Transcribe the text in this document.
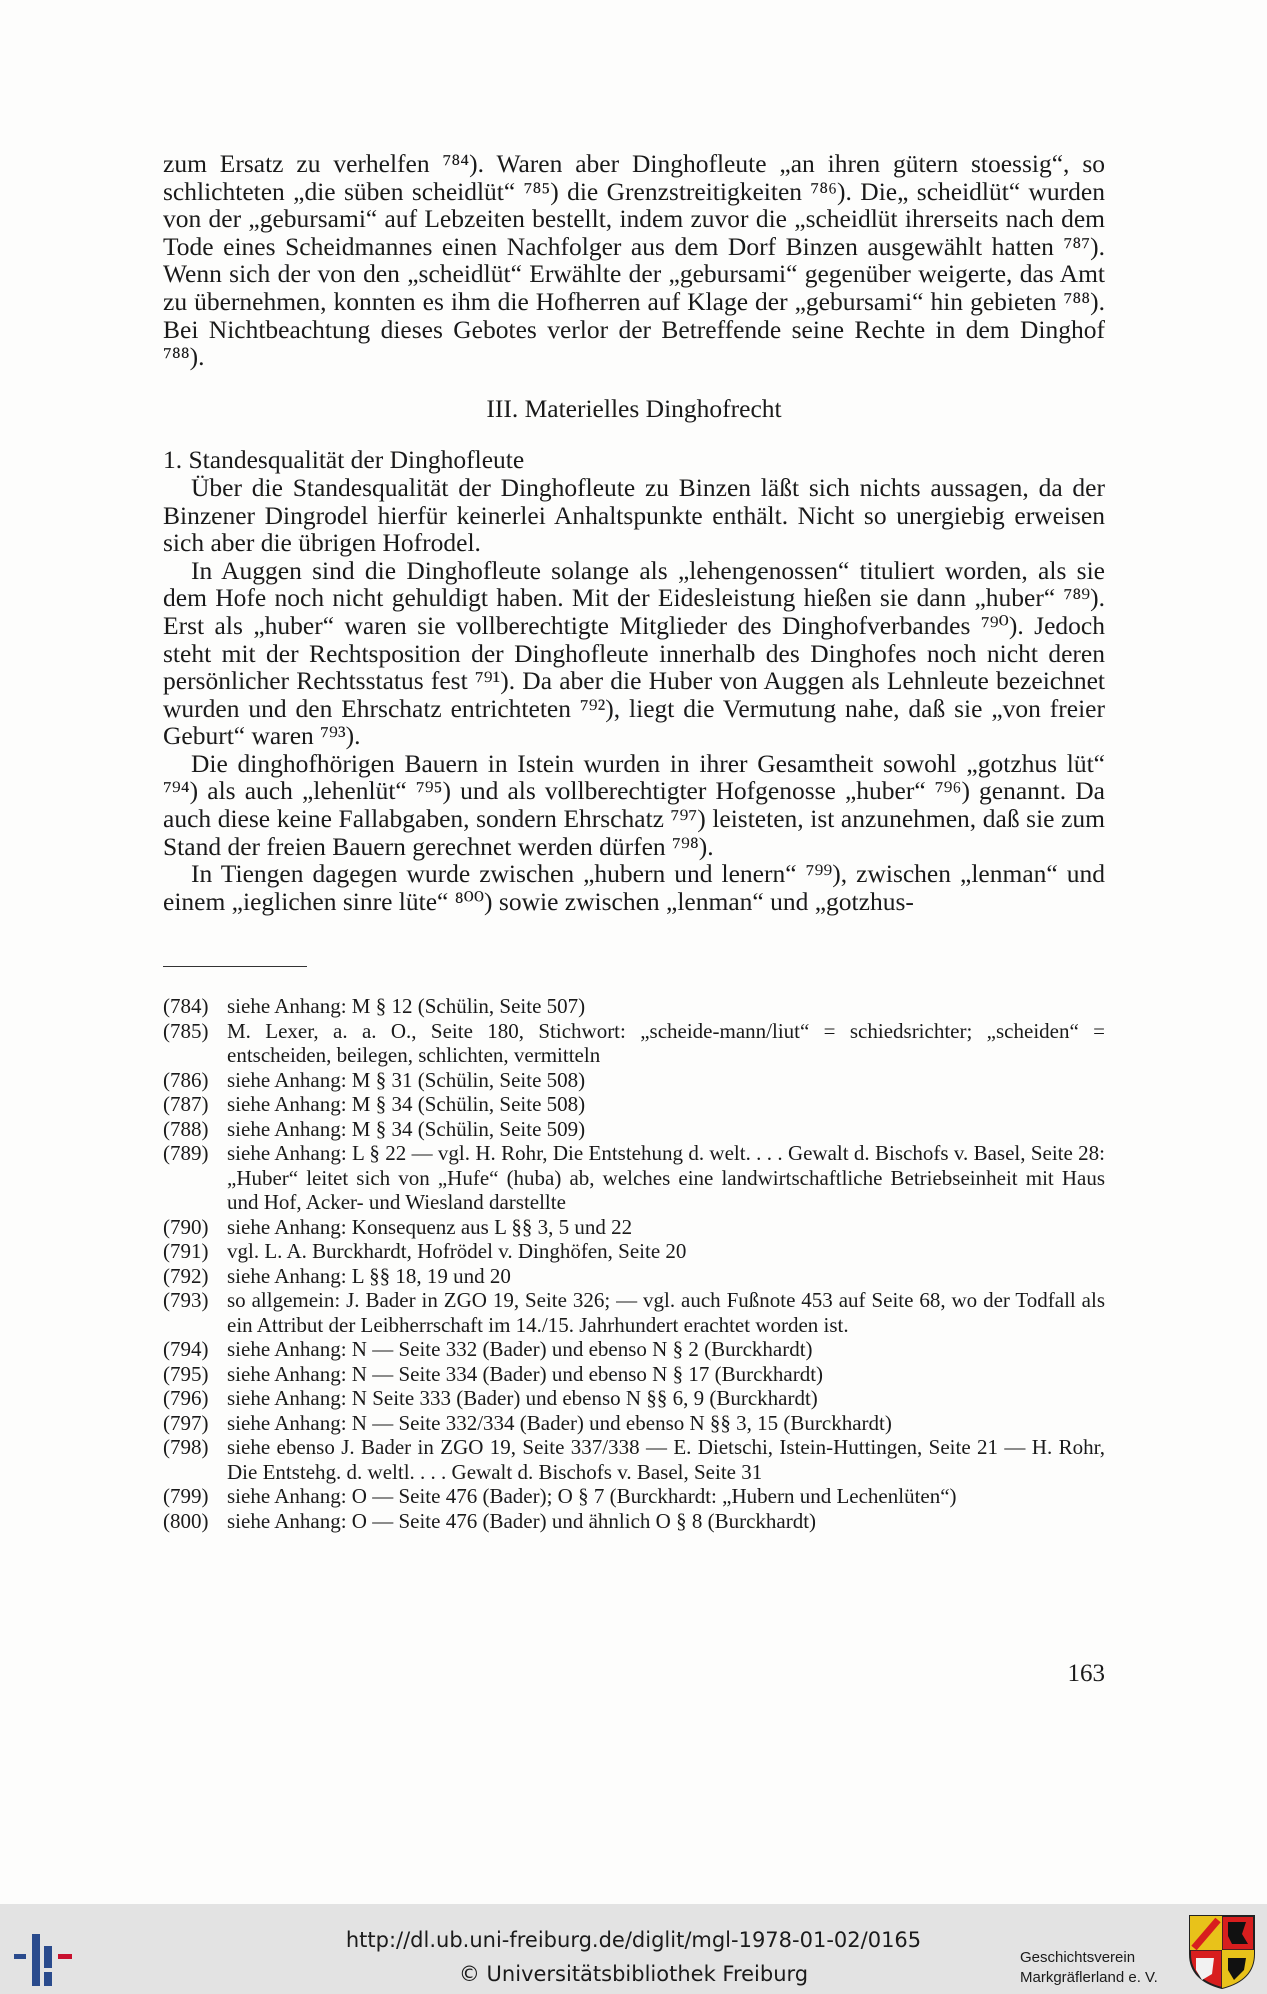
zum Ersatz zu verhelfen ⁷⁸⁴). Waren aber Dinghofleute „an ihren gütern stoessig“, so schlichteten „die süben scheidlüt“ ⁷⁸⁵) die Grenzstreitigkeiten ⁷⁸⁶). Die„ scheidlüt“ wurden von der „gebursami“ auf Lebzeiten bestellt, indem zuvor die „scheidlüt ihrerseits nach dem Tode eines Scheidmannes einen Nachfolger aus dem Dorf Binzen ausgewählt hatten ⁷⁸⁷). Wenn sich der von den „scheidlüt“ Erwählte der „gebursami“ gegenüber weigerte, das Amt zu übernehmen, konnten es ihm die Hofherren auf Klage der „gebursami“ hin gebieten ⁷⁸⁸). Bei Nichtbeachtung dieses Gebotes verlor der Betreffende seine Rechte in dem Dinghof ⁷⁸⁸).

III. Materielles Dinghofrecht

1. Standesqualität der Dinghofleute

Über die Standesqualität der Dinghofleute zu Binzen läßt sich nichts aussagen, da der Binzener Dingrodel hierfür keinerlei Anhaltspunkte enthält. Nicht so unergiebig erweisen sich aber die übrigen Hofrodel.

In Auggen sind die Dinghofleute solange als „lehengenossen“ tituliert worden, als sie dem Hofe noch nicht gehuldigt haben. Mit der Eidesleistung hießen sie dann „huber“ ⁷⁸⁹). Erst als „huber“ waren sie vollberechtigte Mitglieder des Dinghofverbandes ⁷⁹⁰). Jedoch steht mit der Rechtsposition der Dinghofleute innerhalb des Dinghofes noch nicht deren persönlicher Rechtsstatus fest ⁷⁹¹). Da aber die Huber von Auggen als Lehnleute bezeichnet wurden und den Ehrschatz entrichteten ⁷⁹²), liegt die Vermutung nahe, daß sie „von freier Geburt“ waren ⁷⁹³).

Die dinghofhörigen Bauern in Istein wurden in ihrer Gesamtheit sowohl „gotzhus lüt“ ⁷⁹⁴) als auch „lehenlüt“ ⁷⁹⁵) und als vollberechtigter Hofgenosse „huber“ ⁷⁹⁶) genannt. Da auch diese keine Fallabgaben, sondern Ehrschatz ⁷⁹⁷) leisteten, ist anzunehmen, daß sie zum Stand der freien Bauern gerechnet werden dürfen ⁷⁹⁸).

In Tiengen dagegen wurde zwischen „hubern und lenern“ ⁷⁹⁹), zwischen „lenman“ und einem „ieglichen sinre lüte“ ⁸⁰⁰) sowie zwischen „lenman“ und „gotzhus-

(784) siehe Anhang: M § 12 (Schülin, Seite 507)
(785) M. Lexer, a. a. O., Seite 180, Stichwort: „scheide-mann/liut“ = schiedsrichter; „scheiden“ = entscheiden, beilegen, schlichten, vermitteln
(786) siehe Anhang: M § 31 (Schülin, Seite 508)
(787) siehe Anhang: M § 34 (Schülin, Seite 508)
(788) siehe Anhang: M § 34 (Schülin, Seite 509)
(789) siehe Anhang: L § 22 — vgl. H. Rohr, Die Entstehung d. welt. . . . Gewalt d. Bischofs v. Basel, Seite 28: „Huber“ leitet sich von „Hufe“ (huba) ab, welches eine landwirtschaftliche Betriebseinheit mit Haus und Hof, Acker- und Wiesland darstellte
(790) siehe Anhang: Konsequenz aus L §§ 3, 5 und 22
(791) vgl. L. A. Burckhardt, Hofrödel v. Dinghöfen, Seite 20
(792) siehe Anhang: L §§ 18, 19 und 20
(793) so allgemein: J. Bader in ZGO 19, Seite 326; — vgl. auch Fußnote 453 auf Seite 68, wo der Todfall als ein Attribut der Leibherrschaft im 14./15. Jahrhundert erachtet worden ist.
(794) siehe Anhang: N — Seite 332 (Bader) und ebenso N § 2 (Burckhardt)
(795) siehe Anhang: N — Seite 334 (Bader) und ebenso N § 17 (Burckhardt)
(796) siehe Anhang: N Seite 333 (Bader) und ebenso N §§ 6, 9 (Burckhardt)
(797) siehe Anhang: N — Seite 332/334 (Bader) und ebenso N §§ 3, 15 (Burckhardt)
(798) siehe ebenso J. Bader in ZGO 19, Seite 337/338 — E. Dietschi, Istein-Huttingen, Seite 21 — H. Rohr, Die Entstehg. d. weltl. . . . Gewalt d. Bischofs v. Basel, Seite 31
(799) siehe Anhang: O — Seite 476 (Bader); O § 7 (Burckhardt: „Hubern und Lechenlüten“)
(800) siehe Anhang: O — Seite 476 (Bader) und ähnlich O § 8 (Burckhardt)
163
http://dl.ub.uni-freiburg.de/diglit/mgl-1978-01-02/0165
© Universitätsbibliothek Freiburg
Geschichtsverein
Markgräflerland e. V.
